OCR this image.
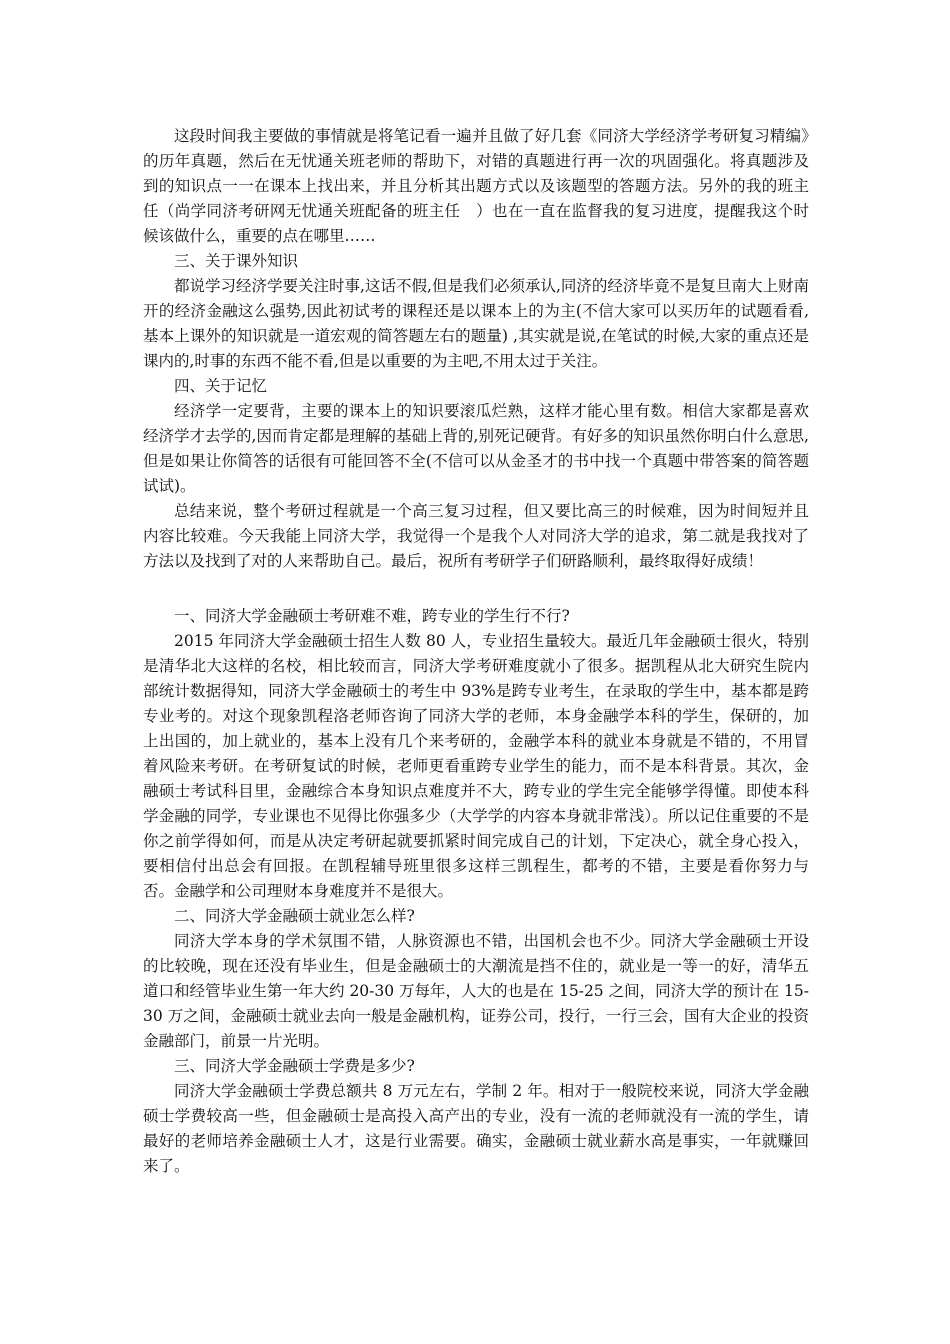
这段时间我主要做的事情就是将笔记看一遍并且做了好几套《同济大学经济学考研复习精编》的历年真题，然后在无忧通关班老师的帮助下，对错的真题进行再一次的巩固强化。将真题涉及到的知识点一一在课本上找出来，并且分析其出题方式以及该题型的答题方法。另外的我的班主任（尚学同济考研网无忧通关班配备的班主任　）也在一直在监督我的复习进度，提醒我这个时候该做什么，重要的点在哪里……

三、关于课外知识

都说学习经济学要关注时事,这话不假,但是我们必须承认,同济的经济毕竟不是复旦南大上财南开的经济金融这么强势,因此初试考的课程还是以课本上的为主(不信大家可以买历年的试题看看,基本上课外的知识就是一道宏观的简答题左右的题量) ,其实就是说,在笔试的时候,大家的重点还是课内的,时事的东西不能不看,但是以重要的为主吧,不用太过于关注。

四、关于记忆

经济学一定要背，主要的课本上的知识要滚瓜烂熟，这样才能心里有数。相信大家都是喜欢经济学才去学的,因而肯定都是理解的基础上背的,别死记硬背。有好多的知识虽然你明白什么意思,但是如果让你简答的话很有可能回答不全(不信可以从金圣才的书中找一个真题中带答案的简答题试试)。

总结来说，整个考研过程就是一个高三复习过程，但又要比高三的时候难，因为时间短并且内容比较难。今天我能上同济大学，我觉得一个是我个人对同济大学的追求，第二就是我找对了方法以及找到了对的人来帮助自己。最后，祝所有考研学子们研路顺利，最终取得好成绩！

一、同济大学金融硕士考研难不难，跨专业的学生行不行?

2015 年同济大学金融硕士招生人数 80 人，专业招生量较大。最近几年金融硕士很火，特别是清华北大这样的名校，相比较而言，同济大学考研难度就小了很多。据凯程从北大研究生院内部统计数据得知，同济大学金融硕士的考生中 93%是跨专业考生，在录取的学生中，基本都是跨专业考的。对这个现象凯程洛老师咨询了同济大学的老师，本身金融学本科的学生，保研的，加上出国的，加上就业的，基本上没有几个来考研的，金融学本科的就业本身就是不错的，不用冒着风险来考研。在考研复试的时候，老师更看重跨专业学生的能力，而不是本科背景。其次，金融硕士考试科目里，金融综合本身知识点难度并不大，跨专业的学生完全能够学得懂。即使本科学金融的同学，专业课也不见得比你强多少（大学学的内容本身就非常浅）。所以记住重要的不是你之前学得如何，而是从决定考研起就要抓紧时间完成自己的计划，下定决心，就全身心投入，要相信付出总会有回报。在凯程辅导班里很多这样三凯程生，都考的不错，主要是看你努力与否。金融学和公司理财本身难度并不是很大。

二、同济大学金融硕士就业怎么样?

同济大学本身的学术氛围不错，人脉资源也不错，出国机会也不少。同济大学金融硕士开设的比较晚，现在还没有毕业生，但是金融硕士的大潮流是挡不住的，就业是一等一的好，清华五道口和经管毕业生第一年大约 20-30 万每年，人大的也是在 15-25 之间，同济大学的预计在 15-30 万之间，金融硕士就业去向一般是金融机构，证券公司，投行，一行三会，国有大企业的投资金融部门，前景一片光明。

三、同济大学金融硕士学费是多少?

同济大学金融硕士学费总额共 8 万元左右，学制 2 年。相对于一般院校来说，同济大学金融硕士学费较高一些，但金融硕士是高投入高产出的专业，没有一流的老师就没有一流的学生，请最好的老师培养金融硕士人才，这是行业需要。确实，金融硕士就业薪水高是事实，一年就赚回来了。
